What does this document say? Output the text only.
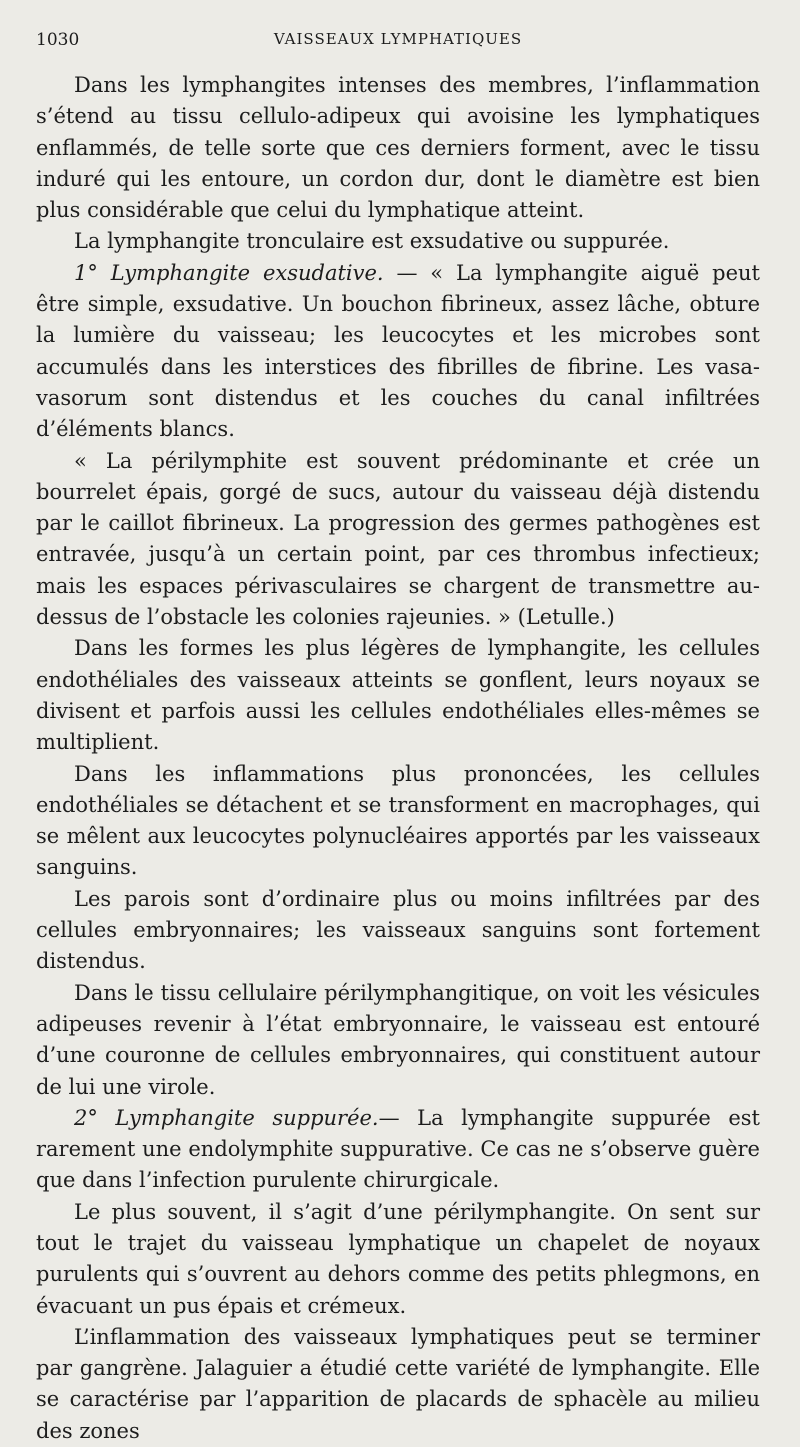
1030	VAISSEAUX LYMPHATIQUES

Dans les lymphangites intenses des membres, l’inflammation s’étend au tissu cellulo-adipeux qui avoisine les lymphatiques enflammés, de telle sorte que ces derniers forment, avec le tissu induré qui les entoure, un cordon dur, dont le diamètre est bien plus considérable que celui du lymphatique atteint.

La lymphangite tronculaire est exsudative ou suppurée.

1° Lymphangite exsudative. — « La lymphangite aiguë peut être simple, exsudative. Un bouchon fibrineux, assez lâche, obture la lumière du vaisseau; les leucocytes et les microbes sont accumulés dans les interstices des fibrilles de fibrine. Les vasa-vasorum sont distendus et les couches du canal infiltrées d’éléments blancs.

« La périlymphite est souvent prédominante et crée un bourrelet épais, gorgé de sucs, autour du vaisseau déjà distendu par le caillot fibrineux. La progression des germes pathogènes est entravée, jusqu’à un certain point, par ces thrombus infectieux; mais les espaces périvasculaires se chargent de transmettre au-dessus de l’obstacle les colonies rajeunies. » (Letulle.)

Dans les formes les plus légères de lymphangite, les cellules endothéliales des vaisseaux atteints se gonflent, leurs noyaux se divisent et parfois aussi les cellules endothéliales elles-mêmes se multiplient.

Dans les inflammations plus prononcées, les cellules endothéliales se détachent et se transforment en macrophages, qui se mêlent aux leucocytes polynucléaires apportés par les vaisseaux sanguins.

Les parois sont d’ordinaire plus ou moins infiltrées par des cellules embryonnaires; les vaisseaux sanguins sont fortement distendus.

Dans le tissu cellulaire périlymphangitique, on voit les vésicules adipeuses revenir à l’état embryonnaire, le vaisseau est entouré d’une couronne de cellules embryonnaires, qui constituent autour de lui une virole.

2° Lymphangite suppurée.— La lymphangite suppurée est rarement une endolymphite suppurative. Ce cas ne s’observe guère que dans l’infection purulente chirurgicale.

Le plus souvent, il s’agit d’une périlymphangite. On sent sur tout le trajet du vaisseau lymphatique un chapelet de noyaux purulents qui s’ouvrent au dehors comme des petits phlegmons, en évacuant un pus épais et crémeux.

L’inflammation des vaisseaux lymphatiques peut se terminer par gangrène. Jalaguier a étudié cette variété de lymphangite. Elle se caractérise par l’apparition de placards de sphacèle au milieu des zones
